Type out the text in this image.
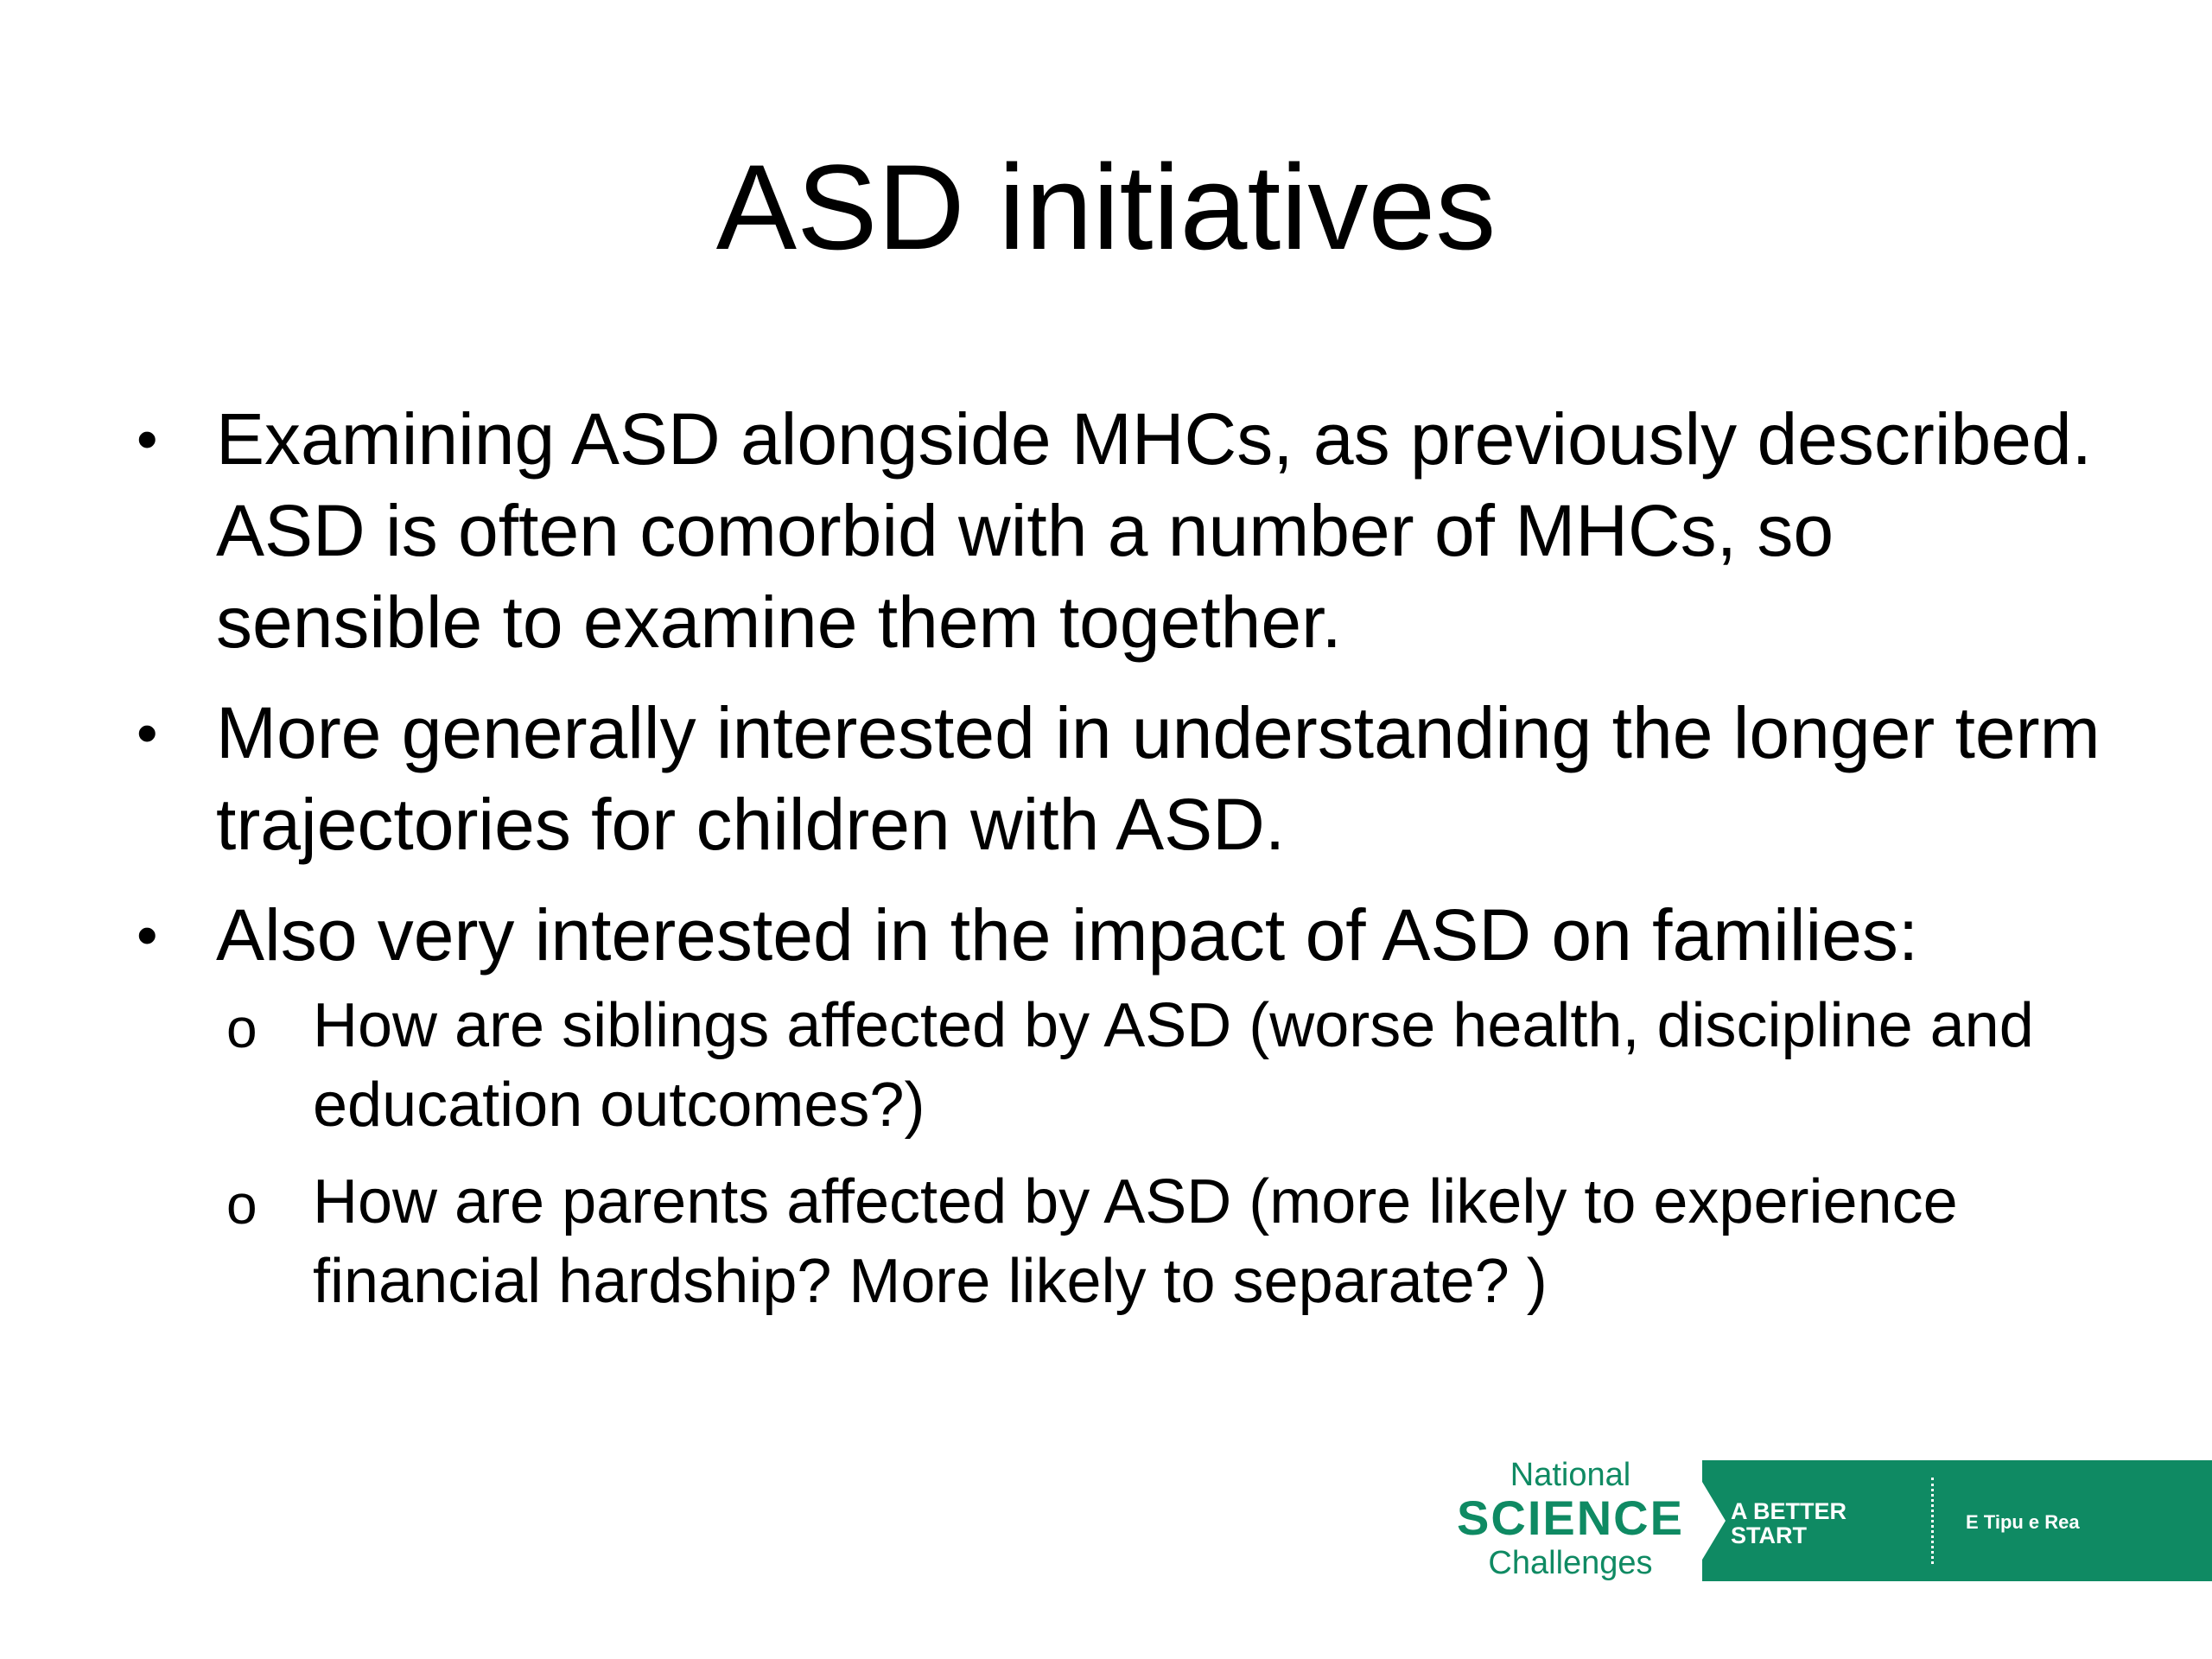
ASD initiatives
• Examining ASD alongside MHCs, as previously described. ASD is often comorbid with a number of MHCs, so sensible to examine them together.
• More generally interested in understanding the longer term trajectories for children with ASD.
• Also very interested in the impact of ASD on families:
o How are siblings affected by ASD (worse health, discipline and education outcomes?)
o How are parents affected by ASD (more likely to experience financial hardship? More likely to separate? )
National
SCIENCE
Challenges
A BETTER
START
E Tipu e Rea
